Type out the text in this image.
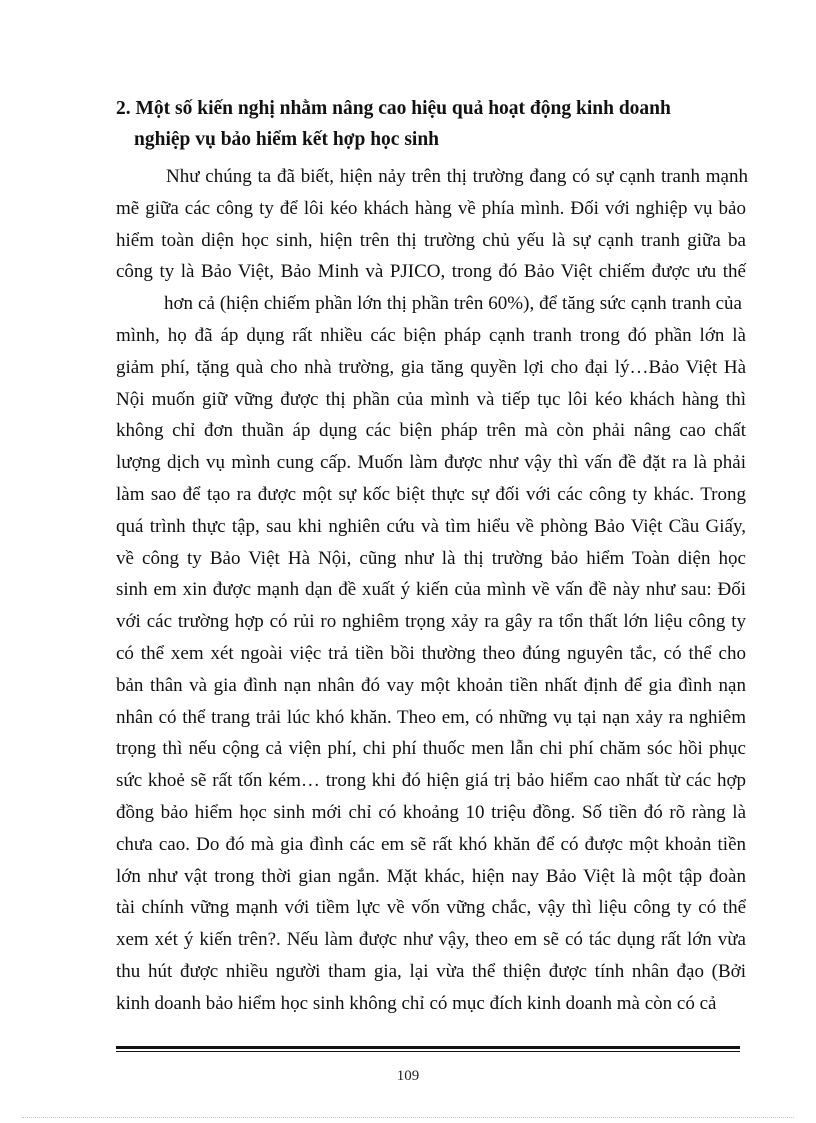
2. Một số kiến nghị nhằm nâng cao hiệu quả hoạt động kinh doanh

nghiệp vụ bảo hiểm kết hợp học sinh

Như chúng ta đã biết, hiện nảy trên thị trường đang có sự cạnh tranh mạnh
mẽ giữa các công ty để lôi kéo khách hàng về phía mình. Đối với nghiệp vụ bảo
hiểm toàn diện học sinh, hiện trên thị trường chủ yếu là sự cạnh tranh giữa ba
công ty là Bảo Việt, Bảo Minh và PJICO, trong đó Bảo Việt chiếm được ưu thế
hơn cả (hiện chiếm phần lớn thị phần trên 60%), để tăng sức cạnh tranh của
mình, họ đã áp dụng rất nhiều các biện pháp cạnh tranh trong đó phần lớn là
giảm phí, tặng quà cho nhà trường, gia tăng quyền lợi cho đại lý…Bảo Việt Hà
Nội muốn giữ vững được thị phần của mình và tiếp tục lôi kéo khách hàng thì
không chỉ đơn thuần áp dụng các biện pháp trên mà còn phải nâng cao chất
lượng dịch vụ mình cung cấp. Muốn làm được như vậy thì vấn đề đặt ra là phải
làm sao để tạo ra được một sự kốc biệt thực sự đối với các công ty khác. Trong
quá trình thực tập, sau khi nghiên cứu và tìm hiểu về phòng Bảo Việt Cầu Giấy,
về công ty Bảo Việt Hà Nội, cũng như là thị trường bảo hiểm Toàn diện học
sinh em xin được mạnh dạn đề xuất ý kiến của mình về vấn đề này như sau: Đối
với các trường hợp có rủi ro nghiêm trọng xảy ra gây ra tổn thất lớn liệu công ty
có thể xem xét ngoài việc trả tiền bồi thường theo đúng nguyên tắc, có thể cho
bản thân và gia đình nạn nhân đó vay một khoản tiền nhất định để gia đình nạn
nhân có thể trang trải lúc khó khăn. Theo em, có những vụ tại nạn xảy ra nghiêm
trọng thì nếu cộng cả viện phí, chi phí thuốc men lẫn chi phí chăm sóc hồi phục
sức khoẻ sẽ rất tốn kém… trong khi đó hiện giá trị bảo hiểm cao nhất từ các hợp
đồng bảo hiểm học sinh mới chỉ có khoảng 10 triệu đồng. Số tiền đó rõ ràng là
chưa cao. Do đó mà gia đình các em sẽ rất khó khăn để có được một khoản tiền
lớn như vật trong thời gian ngắn. Mặt khác, hiện nay Bảo Việt là một tập đoàn
tài chính vững mạnh với tiềm lực về vốn vững chắc, vậy thì liệu công ty có thể
xem xét ý kiến trên?. Nếu làm được như vậy, theo em sẽ có tác dụng rất lớn vừa
thu hút được nhiều người tham gia, lại vừa thể thiện được tính nhân đạo (Bởi
kinh doanh bảo hiểm học sinh không chỉ có mục đích kinh doanh mà còn có cả
109
